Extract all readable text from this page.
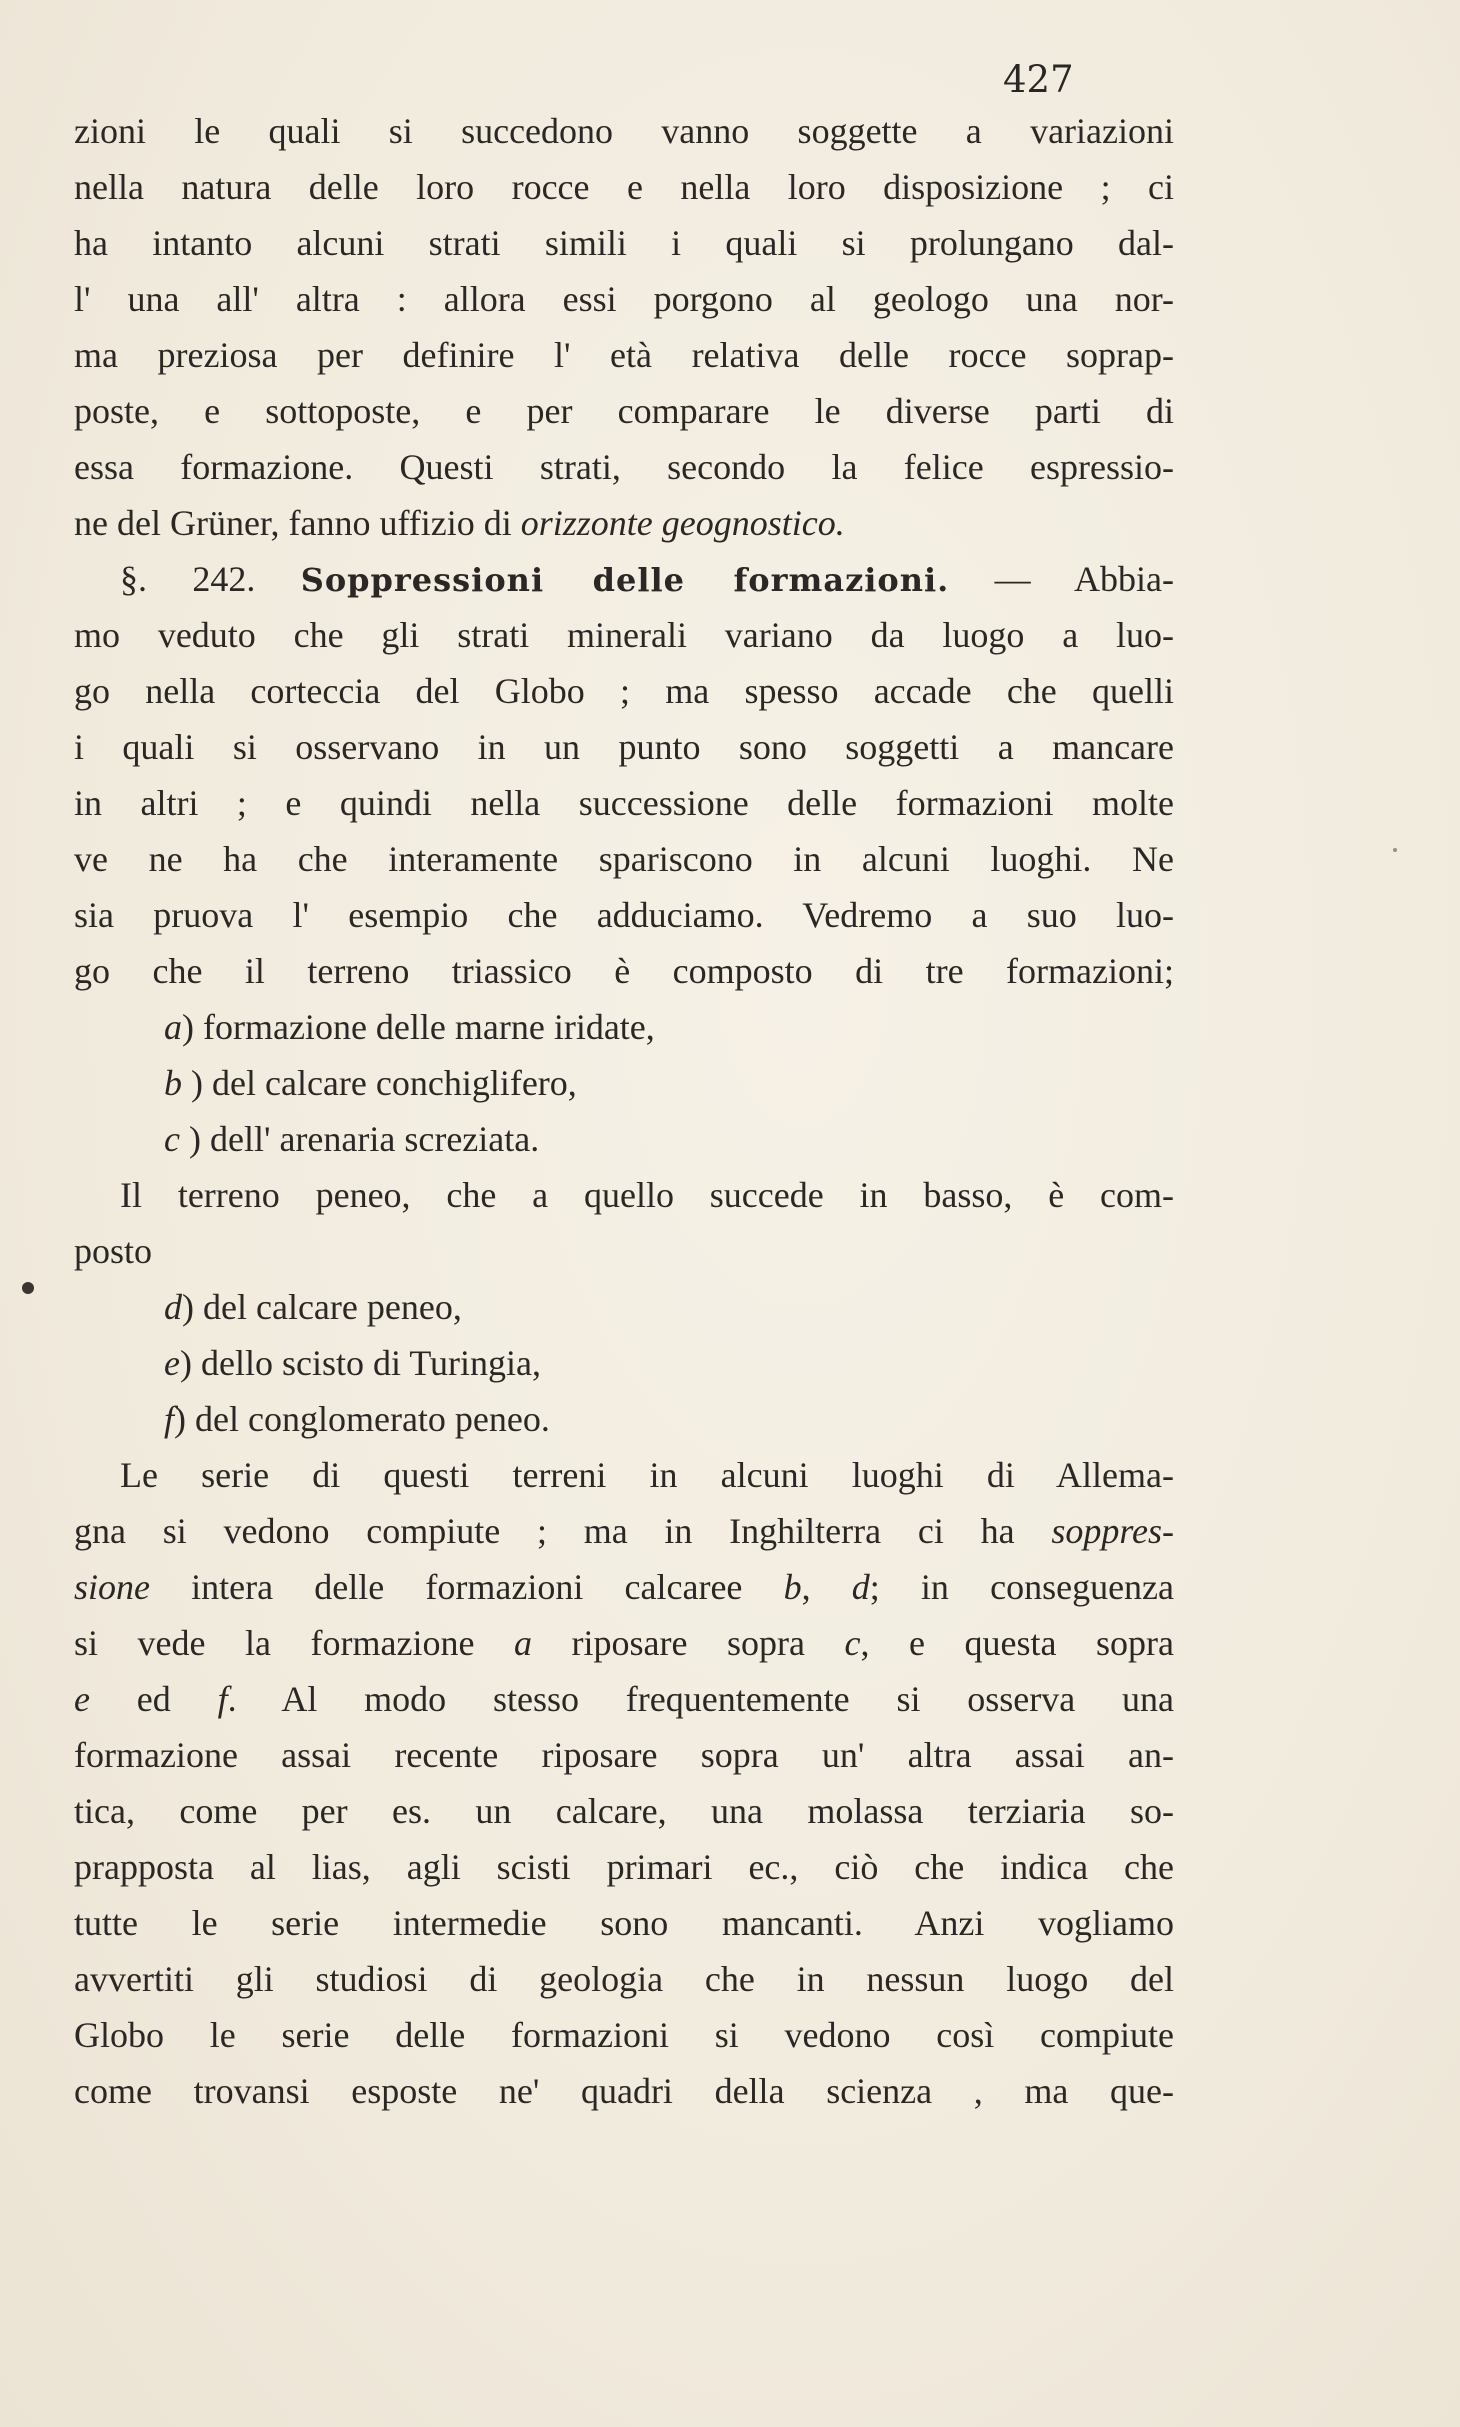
427
zioni le quali si succedono vanno soggette a variazioni
nella natura delle loro rocce e nella loro disposizione ; ci
ha intanto alcuni strati simili i quali si prolungano dal-
l' una all' altra : allora essi porgono al geologo una nor-
ma preziosa per definire l' età relativa delle rocce soprap-
poste, e sottoposte, e per comparare le diverse parti di
essa formazione. Questi strati, secondo la felice espressio-
ne del Grüner, fanno uffizio di orizzonte geognostico.
§. 242. Soppressioni delle formazioni. — Abbia-
mo veduto che gli strati minerali variano da luogo a luo-
go nella corteccia del Globo ; ma spesso accade che quelli
i quali si osservano in un punto sono soggetti a mancare
in altri ; e quindi nella successione delle formazioni molte
ve ne ha che interamente spariscono in alcuni luoghi. Ne
sia pruova l' esempio che adduciamo. Vedremo a suo luo-
go che il terreno triassico è composto di tre formazioni;
a) formazione delle marne iridate,
b ) del calcare conchiglifero,
c ) dell' arenaria screziata.
Il terreno peneo, che a quello succede in basso, è com-
posto
d) del calcare peneo,
e) dello scisto di Turingia,
f) del conglomerato peneo.
Le serie di questi terreni in alcuni luoghi di Allema-
gna si vedono compiute ; ma in Inghilterra ci ha soppres-
sione intera delle formazioni calcaree b, d; in conseguenza
si vede la formazione a riposare sopra c, e questa sopra
e ed f. Al modo stesso frequentemente si osserva una
formazione assai recente riposare sopra un' altra assai an-
tica, come per es. un calcare, una molassa terziaria so-
prapposta al lias, agli scisti primari ec., ciò che indica che
tutte le serie intermedie sono mancanti. Anzi vogliamo
avvertiti gli studiosi di geologia che in nessun luogo del
Globo le serie delle formazioni si vedono così compiute
come trovansi esposte ne' quadri della scienza , ma que-
